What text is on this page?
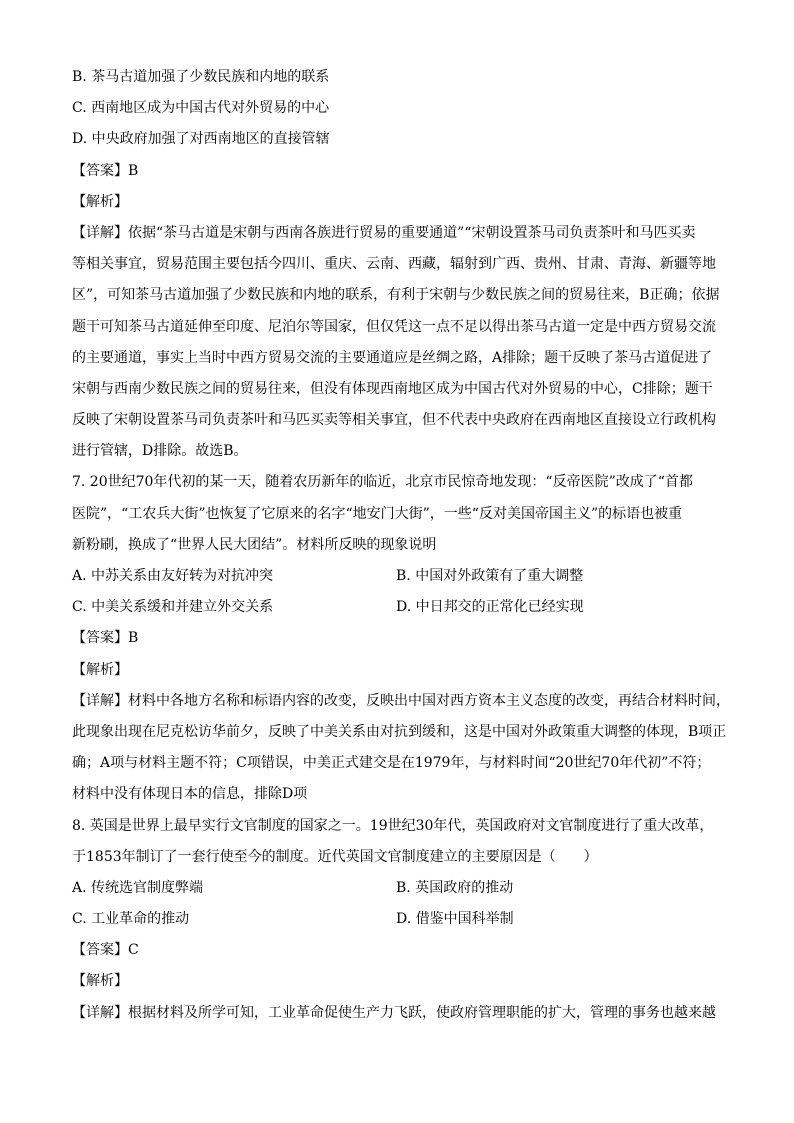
B. 茶马古道加强了少数民族和内地的联系
C. 西南地区成为中国古代对外贸易的中心
D. 中央政府加强了对西南地区的直接管辖
【答案】B
【解析】
【详解】依据“茶马古道是宋朝与西南各族进行贸易的重要通道”“宋朝设置茶马司负责茶叶和马匹买卖
等相关事宜，贸易范围主要包括今四川、重庆、云南、西藏，辐射到广西、贵州、甘肃、青海、新疆等地
区”，可知茶马古道加强了少数民族和内地的联系，有利于宋朝与少数民族之间的贸易往来，B正确；依据
题干可知茶马古道延伸至印度、尼泊尔等国家，但仅凭这一点不足以得出茶马古道一定是中西方贸易交流
的主要通道，事实上当时中西方贸易交流的主要通道应是丝绸之路，A排除；题干反映了茶马古道促进了
宋朝与西南少数民族之间的贸易往来，但没有体现西南地区成为中国古代对外贸易的中心，C排除；题干
反映了宋朝设置茶马司负责茶叶和马匹买卖等相关事宜，但不代表中央政府在西南地区直接设立行政机构
进行管辖，D排除。故选B。
7. 20世纪70年代初的某一天，随着农历新年的临近，北京市民惊奇地发现：“反帝医院”改成了“首都
医院”，“工农兵大街”也恢复了它原来的名字“地安门大街”，一些“反对美国帝国主义”的标语也被重
新粉刷，换成了“世界人民大团结”。材料所反映的现象说明
A. 中苏关系由友好转为对抗冲突	B. 中国对外政策有了重大调整
C. 中美关系缓和并建立外交关系	D. 中日邦交的正常化已经实现
【答案】B
【解析】
【详解】材料中各地方名称和标语内容的改变，反映出中国对西方资本主义态度的改变，再结合材料时间，
此现象出现在尼克松访华前夕，反映了中美关系由对抗到缓和，这是中国对外政策重大调整的体现，B项正
确；A项与材料主题不符；C项错误，中美正式建交是在1979年，与材料时间“20世纪70年代初”不符；
材料中没有体现日本的信息，排除D项
8. 英国是世界上最早实行文官制度的国家之一。19世纪30年代，英国政府对文官制度进行了重大改革，
于1853年制订了一套行使至今的制度。近代英国文官制度建立的主要原因是（　　）
A. 传统选官制度弊端	B. 英国政府的推动
C. 工业革命的推动	D. 借鉴中国科举制
【答案】C
【解析】
【详解】根据材料及所学可知，工业革命促使生产力飞跃，使政府管理职能的扩大，管理的事务也越来越
